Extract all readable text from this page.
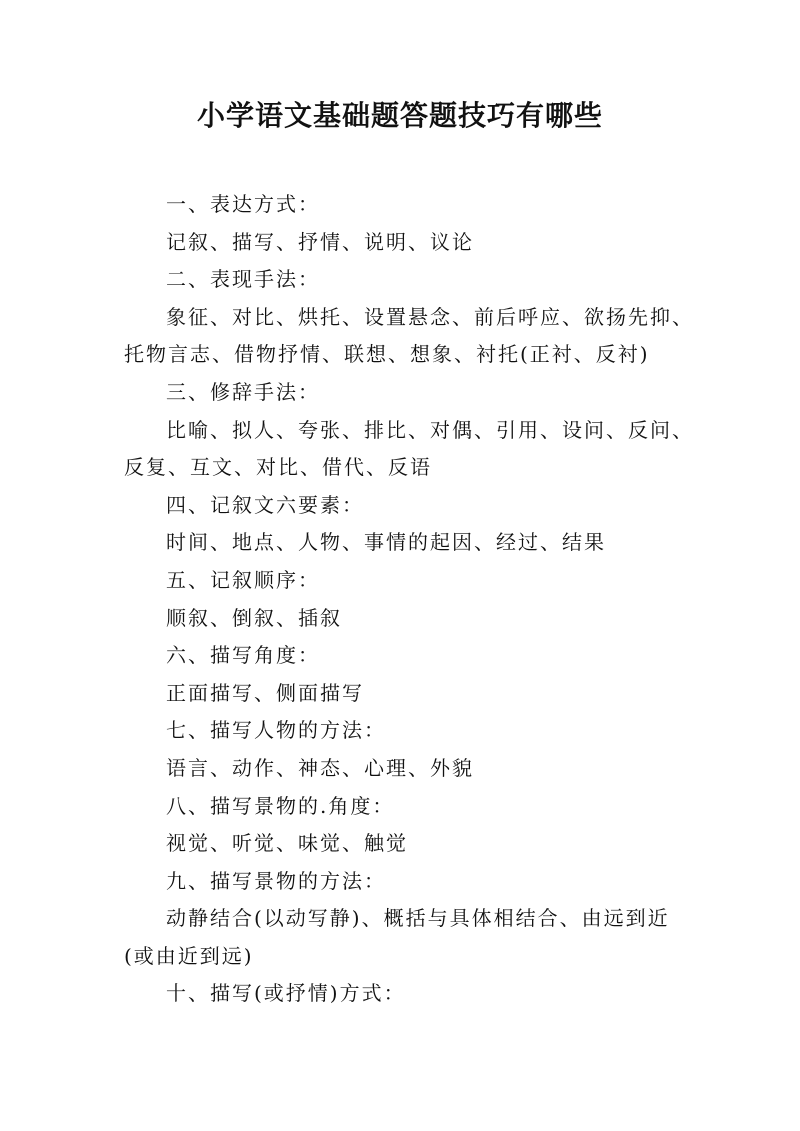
小学语文基础题答题技巧有哪些
一、表达方式：
记叙、描写、抒情、说明、议论
二、表现手法：
象征、对比、烘托、设置悬念、前后呼应、欲扬先抑、托物言志、借物抒情、联想、想象、衬托(正衬、反衬)
三、修辞手法：
比喻、拟人、夸张、排比、对偶、引用、设问、反问、反复、互文、对比、借代、反语
四、记叙文六要素：
时间、地点、人物、事情的起因、经过、结果
五、记叙顺序：
顺叙、倒叙、插叙
六、描写角度：
正面描写、侧面描写
七、描写人物的方法：
语言、动作、神态、心理、外貌
八、描写景物的.角度：
视觉、听觉、味觉、触觉
九、描写景物的方法：
动静结合(以动写静)、概括与具体相结合、由远到近(或由近到远)
十、描写(或抒情)方式：
